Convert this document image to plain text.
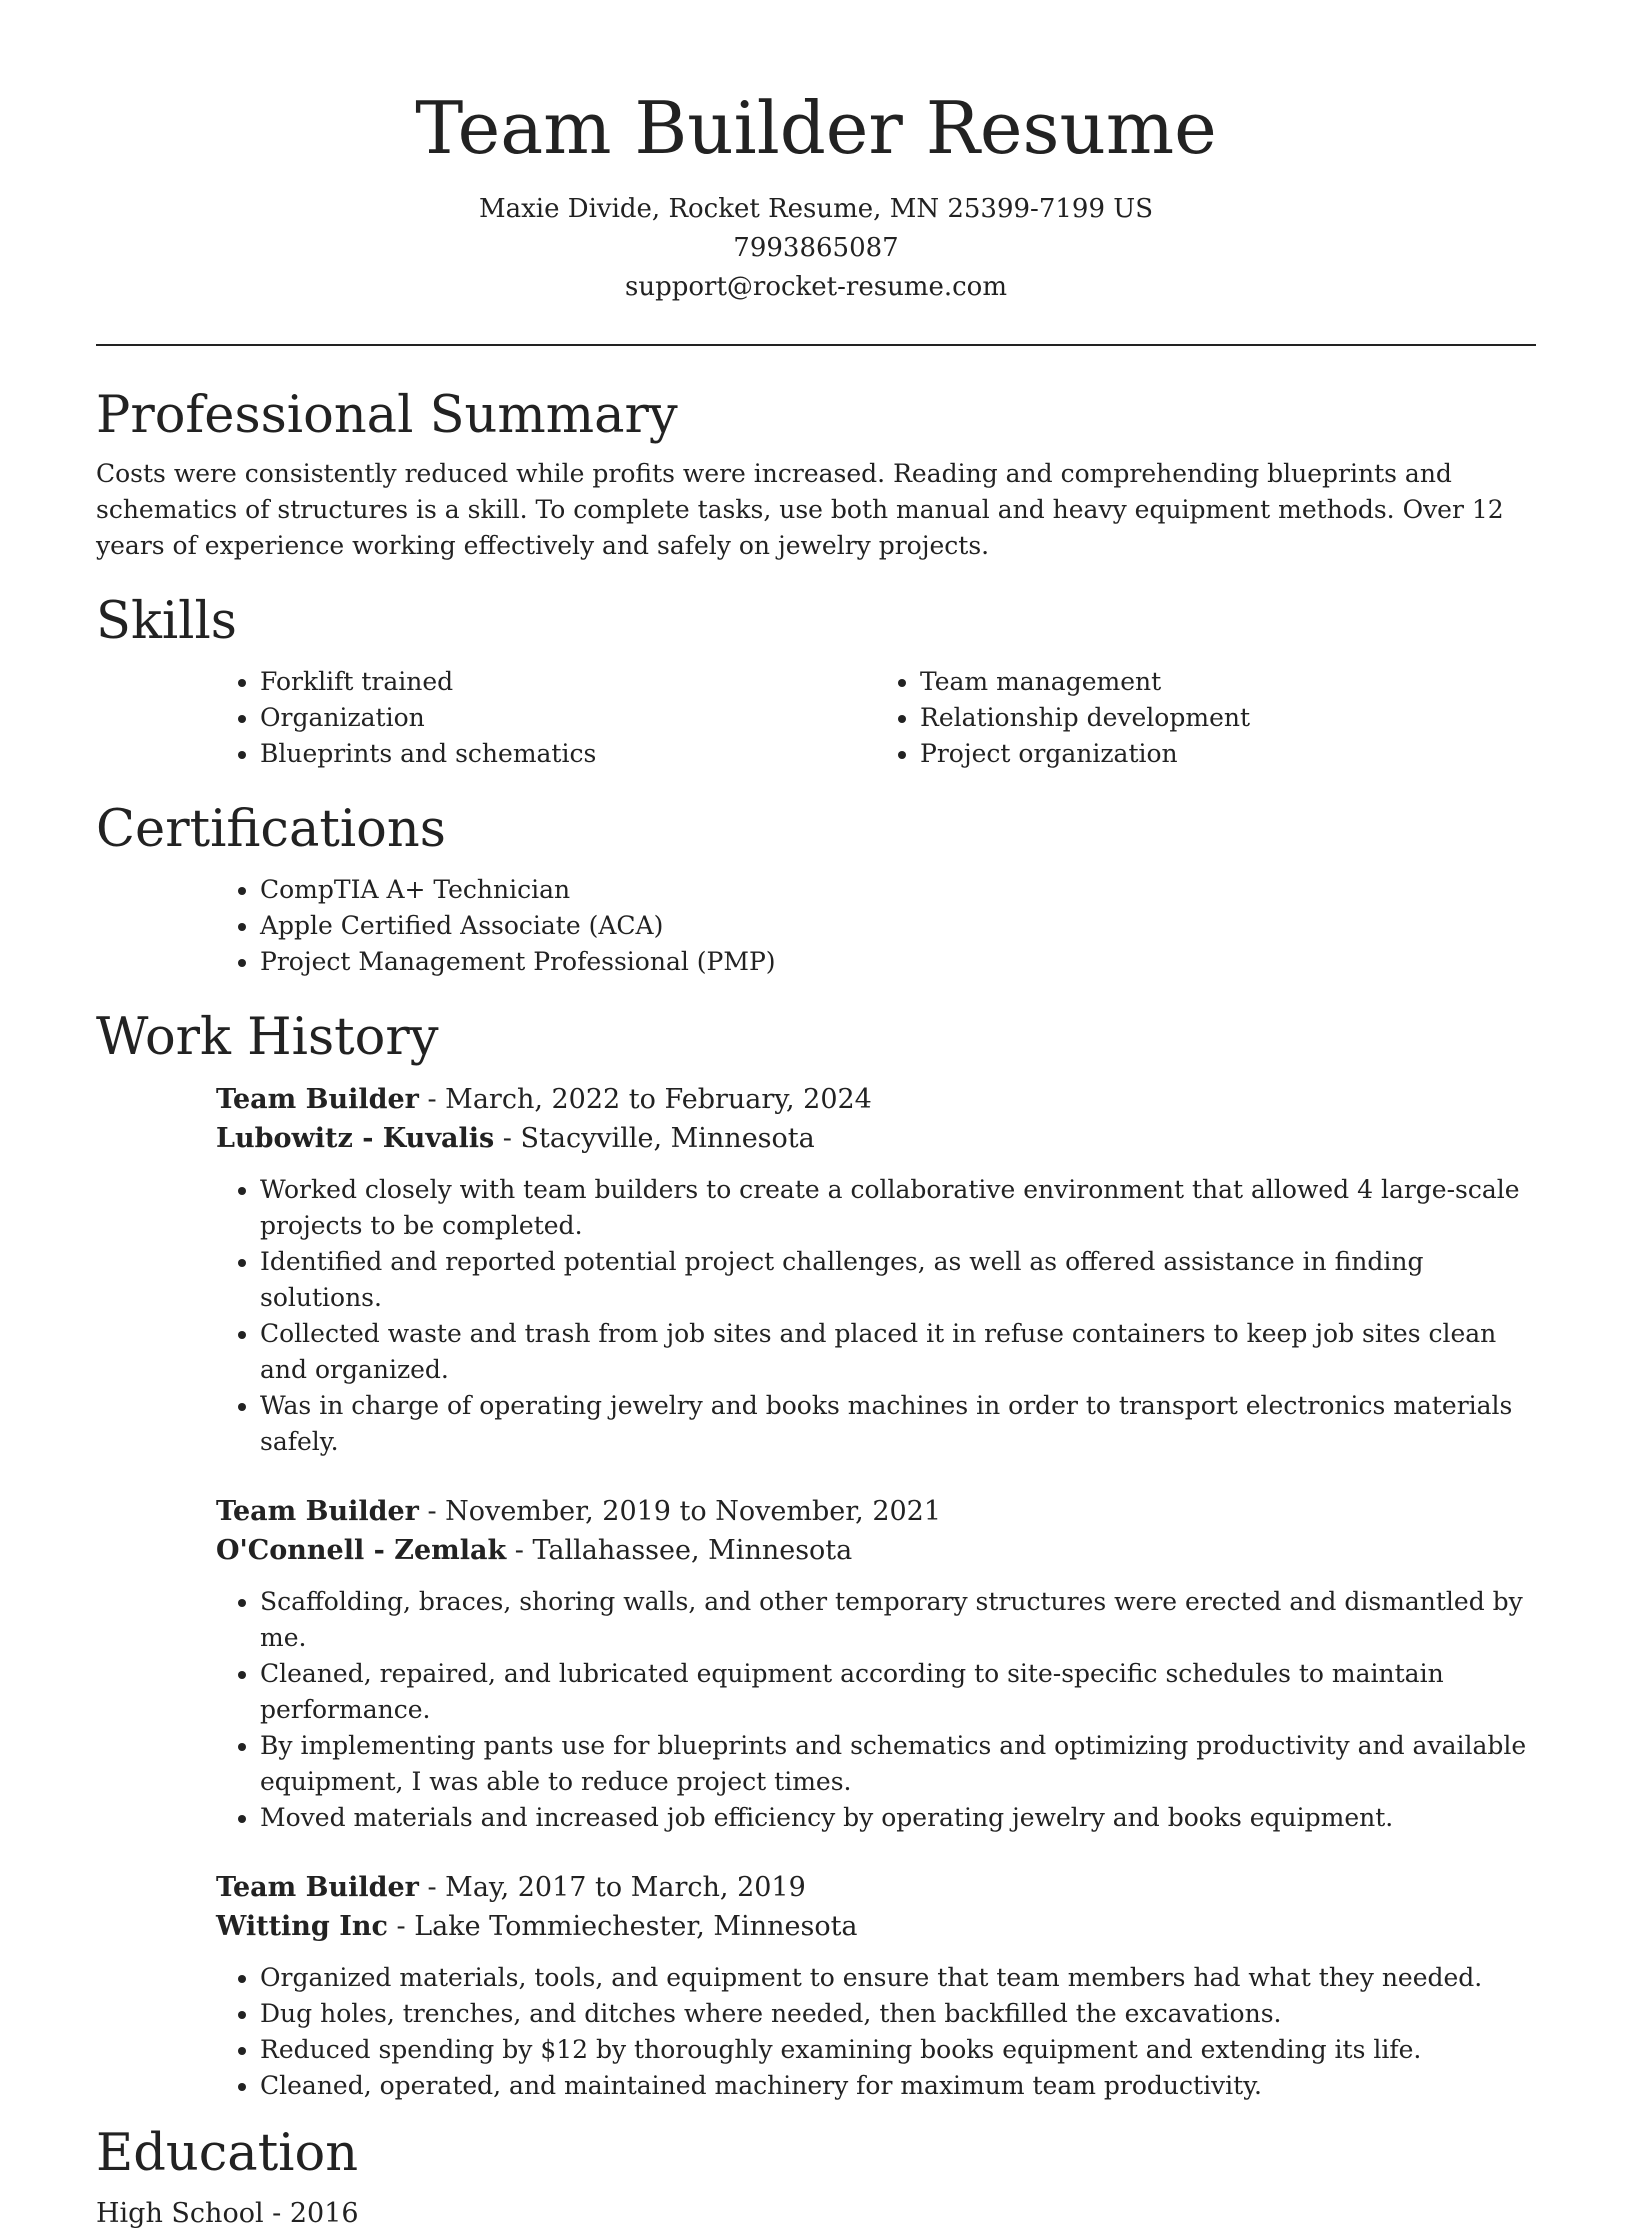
Team Builder Resume
Maxie Divide, Rocket Resume, MN 25399-7199 US
7993865087
support@rocket-resume.com
Professional Summary

Costs were consistently reduced while profits were increased. Reading and comprehending blueprints and schematics of structures is a skill. To complete tasks, use both manual and heavy equipment methods. Over 12 years of experience working effectively and safely on jewelry projects.

Skills
• Forklift trained
• Organization
• Blueprints and schematics
• Team management
• Relationship development
• Project organization
Certifications
• CompTIA A+ Technician
• Apple Certified Associate (ACA)
• Project Management Professional (PMP)
Work History
Team Builder - March, 2022 to February, 2024
Lubowitz - Kuvalis - Stacyville, Minnesota
• Worked closely with team builders to create a collaborative environment that allowed 4 large-scale projects to be completed.
• Identified and reported potential project challenges, as well as offered assistance in finding solutions.
• Collected waste and trash from job sites and placed it in refuse containers to keep job sites clean and organized.
• Was in charge of operating jewelry and books machines in order to transport electronics materials safely.
Team Builder - November, 2019 to November, 2021
O'Connell - Zemlak - Tallahassee, Minnesota
• Scaffolding, braces, shoring walls, and other temporary structures were erected and dismantled by me.
• Cleaned, repaired, and lubricated equipment according to site-specific schedules to maintain performance.
• By implementing pants use for blueprints and schematics and optimizing productivity and available equipment, I was able to reduce project times.
• Moved materials and increased job efficiency by operating jewelry and books equipment.
Team Builder - May, 2017 to March, 2019
Witting Inc - Lake Tommiechester, Minnesota
• Organized materials, tools, and equipment to ensure that team members had what they needed.
• Dug holes, trenches, and ditches where needed, then backfilled the excavations.
• Reduced spending by $12 by thoroughly examining books equipment and extending its life.
• Cleaned, operated, and maintained machinery for maximum team productivity.
Education
High School - 2016
